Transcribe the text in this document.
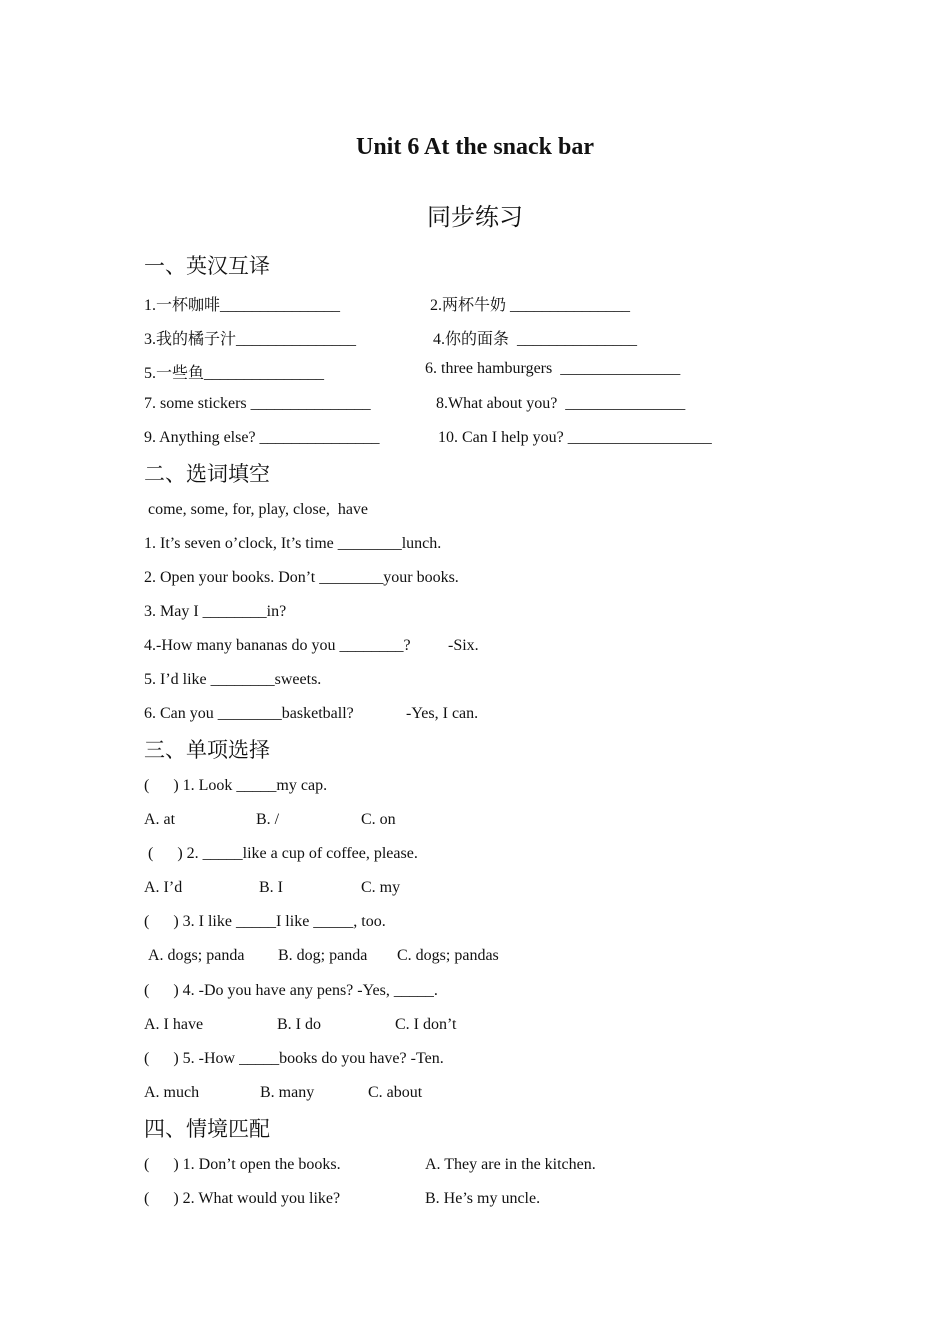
Unit 6 At the snack bar
同步练习
一、英汉互译
1.一杯咖啡_______________	2.两杯牛奶 _______________
3.我的橘子汁_______________	4.你的面条  _______________
5.一些鱼_______________	6. three hamburgers  _______________
7. some stickers _______________	8.What about you?  _______________
9. Anything else? _______________	10. Can I help you? __________________
二、选词填空
come, some, for, play, close,  have
1. It’s seven o’clock, It’s time ________lunch.
2. Open your books. Don’t ________your books.
3. May I ________in?
4.-How many bananas do you ________? -Six.
5. I’d like ________sweets.
6. Can you ________basketball?	-Yes, I can.
三、单项选择
(      ) 1. Look _____my cap.
A. at	B. /	C. on
(      ) 2. _____like a cup of coffee, please.
A. I’d	B. I	C. my
(      ) 3. I like _____I like _____, too.
A. dogs; panda B. dog; panda C. dogs; pandas
(      ) 4. -Do you have any pens? -Yes, _____.
A. I have	B. I do	C. I don’t
(      ) 5. -How _____books do you have? -Ten.
A. much	B. many	C. about
四、情境匹配
(      ) 1. Don’t open the books.	A. They are in the kitchen.
(      ) 2. What would you like?	B. He’s my uncle.
